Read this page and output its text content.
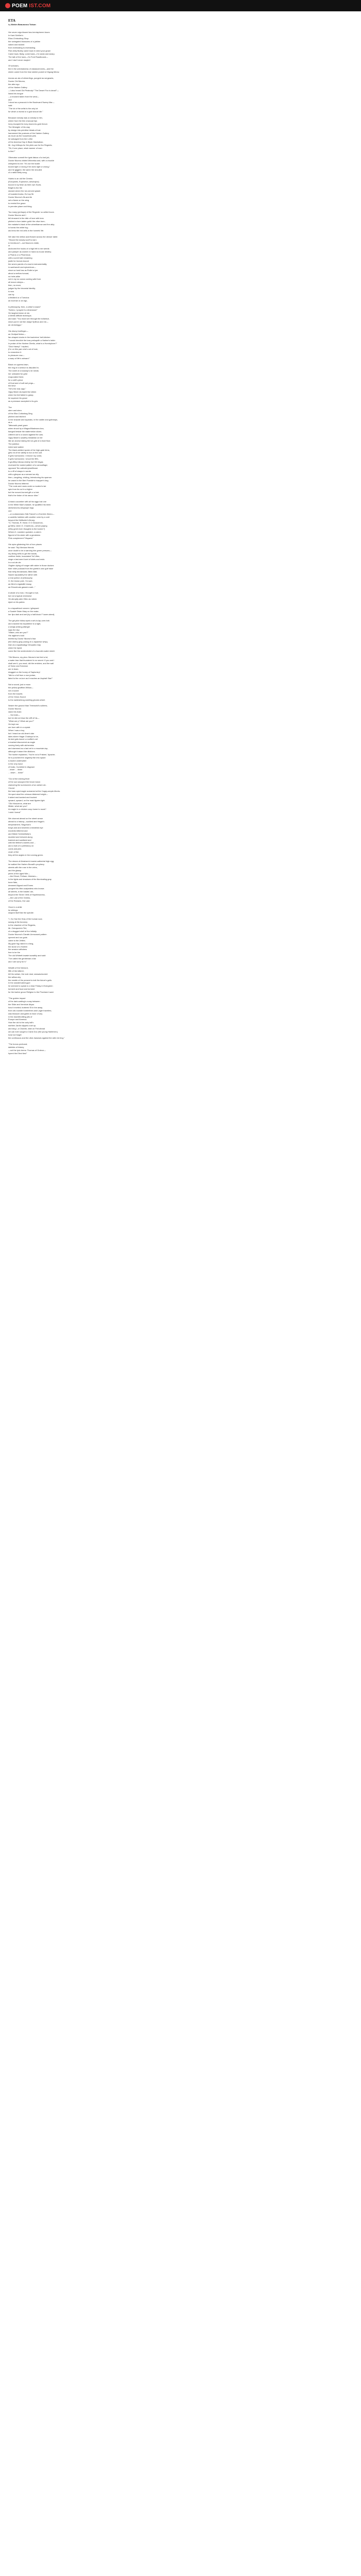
POEM IST.COM
ETA
by Melvin Beaunorus Tolson
Her seven sign-blazed two-hemisphered doors
In Kant-Schiller's
Eliza-Chinkuthog Shop
the variegated blossoms of a jubilee
naked and wicked
from everlasting to everlasting.
Fish-belly Bubby came back in need your grace
Came back, Baby, come back—I'm weak and weary.
The talk of the town—I'm Ford Roadbound—
and I don't never maybe!
Of scholars,
the in the unbreakness of classical knees—and the
sheen came from the blue sketch pocket of Zigzag Meow.
Across an ala of shiner/legs, pungent as sergeants,
Doctor Obi Nkomo,
the alter ego
of the Harlem Gallery
—I also heard Old Peabody! "The Desert Fox is dead!"—
licked his tongue
—a mocked taken from the wind—
and
I stood as a peacock in the Boulevard Sweep Mar—
said:
"The lot of the artist is the only lot
for which a mortal or a god should die."
Because nobody was a nobody to him,
where from the thin charcoal lips
irony escaped its ivory-bound-to-gold rheum
The Wrangler of his way
by design into primitive bleats of lust
hammered the postures of the Harlem Gallery
as much as the household pets
he salvaged from the Lethe
of the America Hop & Black Manhattan;
Mr. Jog Uhlbuys for the pitch-sax for the Regents;
"Sir, if one place, what manner of man
is this?"
Otherwise commit the ignis fatuus of a lost job,
Doctor Nkomo chided Winnetka and, with a chuckle
whispered to me: "It's not the hustle
booed right or wrong if he does right or wrong;"
and he giggled, the same the shouted
of a rabid Betty song.
Hubris is an old fire Greeks
(Europides, Euphorion, Aeschylus)
bound in ivy fresh as their own Scots.
Bright is the fire
stowed where the Ice-nerved splash
of boasted Aruba, it's hop fib
Doctor Nkomo's fib-and-tie
set a flame on the wing
to remind the grace
in pennies plane and thing.
Too many (perhaps) of the Regents' ox-willed hours
Doctor Nkomo and I
fell drowsed in the dish of love with tons
pitched a horn-laden guild: the olive-born;
the malaise's black of the wheelbarrow and the ably;
in honks the white fog;
and lens the red cells in the hornets' life.
We rake the million acid flowed across the denser table:
"Should the dowdy scuff to earn
A Cerebrum?—not Nkomo's riddle,
or
anchored the hooks of a high felt to me weeds
and pamper as women in hand-to-house destiny
a Pharos or a Pharmicus
with a sorrel bait remaining
jostle for bronze-bound
the seven panels of a man's instrumentality
in sanfrancht and epicentrum—
since so hard has as Rollet a lyre
about a mellow tonoad,
no heirs alike
not in my no ocean coming wild from
all mourn sleeps—
then, no more,
judged by the binomial identity
is now
can by
a fieldbird or a Tumulus
an incense or an ego,
Is philosophy, then, a cellar's snack?
"Nohiro, I prayed it a dimension!"
He laughed down at me,
a Metrik difficile technique,
and said: "You must see through the individue,
since you're not like Jadge Spitbus and me—
an oiroirzeggo."
His ebony forefinger—
an Oedipal fiction—
fan-shaped clocks in the bachelors' bell-kitchen
"I would drool/oir the loss preloquith a Harlem's table:
in praise of the Harlem Ghetto, what is a Homicyborn?"
"Dick Haney!" I replied,
(I'm on this yarn she's out of look,
to remember it.
to pleasure now—
a warp of life's outward."
Black on cypress lawn,
the ring of a sermon is discolled in.
The smell of a busstop's ire needs
her unleaded for grist
evaporated there,
for a rotif's piece
of thud and of soft wet pegs—
the lieve
"He's the rear-sign,"
Ojjoy Mwen stumped like silken
when his feet failed to grasp,
he squeeze his grace
as a pennace accepted in its grin.
The
stern and stern
of the Elke-Cottonbag Ding
pitched and bitched
in the shackle and squeaks, in the clatter and gutheaps,
as a
Tattooszik-pearl gown
when struck by a Wagon/Madmann-bus,
banged beside the watermelon slices.
Uttered out to a sound against the cars.
Ojjoy Mwen's swarthy breakfast on her
like an anchor taking the ice-grid of a lewd floor.
The jukebox
rioted and wailed.
The black-welded spoke of the high-gate trims,
gets rid of her ability to but on the cart.
If gets hurricaned, I remove my cords;
It gets hurricaned, I shoot the fifth,
It geoffrey follows elderly hot Hill Vegas
reversed the rusted pattern of a camouflage;
opposed Ten catbolet-jewelflower
to a riff of clasps in words
with a glimpse as a sensed an elly.
then—laughing, chiding, brimstoning his sparrow
he cased in the Bert Franklin's ricapper's bag
Doctor Nkomo lettered:
"The roots and ruses under a modern's lair
spin from its rod in a higher
but the moved-horned gift or a heir
that's the tinker of his rancor dine."
A black cucumber with all his eggs lost one
in the White Man's basket, he qualified his been
stretched-his-besprayer legs:
one
—a Loutssiomanu Hall-Fancer's a Hoerrist Jiknno—
a cadettic hobbies with another color by a cold
beyond the McBueler's library:
"O, Thomas, R. Hand. O O Glowcenos,
go'Mew, when G. Chantrons—whom paying
(Why greet even thoughts to the bureer?)
Which-O, rosedem quested, a zaho's
figured of his sister with a greatness
Pink complement "Hispanic"
His epics glistening thin of iron places
he said: "My Mexican friends
once doubt to be a warning him green persons—
my diving beflo to get the bands,
confiner tinkle, inoculated ToCi-ffes,
singe a last-need lovel of inlets and ends
in a cot-de-vie.
Osgden dying of hunger with sister in those doctors
their roller podcast from the ghetto's own gulf base
that belly-throwbacks; Bible-Ball;
Naomi separately the rather with
a real portion of philosophy.
O, the brown pole, I'm sure,
as Mem's ergataillé essay,
as Elmontruds gassers said..."
A whale of a man, I thought a hue,
but not a typical cheesesd
He abruptly akin Oltec as rubick
dyed on his palms:
In a tapoathical runners I glimpsed
a Scarlet Sister Mary on the make,
her lips dark and wet (by a half-block F lower-steed).
The gel-pilot follow-eyed a writ-in-lap-over-fork
and cracked his imparteine to a light,
a sedge-arising pilsinger
says the sky:
"Mister, who are you?"
His ragtime's bold
briefed by Doctor Nkomo's fear
(the silvery gray posing of a Japanese whip),
lean as a squatwatgy Cleopatra may
when the ripest
come like the undercircled of a hounder-water sheet:
"Old Nkomo, my plea: Nkomo's but feel a lot,
a water tear that thundered in no secret. If you and I
shall see it, you must, did the emblem, and the wall
of Solon and Solomon
are in tears
dragged on the honey of Saptonkry!
Talk to a full from a non-jordan,
fated to the on-turn as it reaches an Asphalt Star!"
Not a sound, just a moon
the yellow giraffine-Willow—
not a sound
from the bowels
of the Onion-Sound
to the earliest/long smelling ghosts wheel.
Nearer the ground than Treeworld's sollems,
Doctor Nkomo
raked his brain
... his brain—
but he did not blow the cliff of his—
"What are y? What are you?"
He kept ear
are born with in a crystal.
When I was a boy,
but I heard an old-timer's tale
tales where Hagar Chaboys to be,
its bed gets heard: a muffler's roll
a trashed discovered as eagle
curving lively with alchemists
and clammed as a last vet in a mountain-top,
although it raised the dilutions.
The hunter explained, 'You're not a Frisbee,' Apache;
he is punched the ungainly fish into space.
A-fouled underwater
in the very hand
of brats, I tumbled in disgrace
...down ... down
... down ... down"
"Out of the shining fever
of the sun swooped the forum baron
clamoring the summoners of an aerial ruin.
I found
the bare-eyed eagle screamed at the Cagey-ample-Morris.
He sped aloof the crimson-blistered height—
it aided and banked and bucked
upward, upward, on the mad-figures light.
"Old rhinoceros, what are
Mister, what are you?
An eagle in a chicken coop home to roost?
I wish I knew!"
We churned ahead on the street sense
ahead to a history—suckled and Hagar's
temperament, Sisyphus's
brays and and shivered a breathed eye
Ancients bitterest and
and Mister Schimeltsbly's
doubled and beloved along
trashed and sanitized and
with the lifeline's sweets and ...
and a hulk of a prehistory on
cords and pies
crush of the
they all the angles in the running green.
The dream of Abraham's lowest-cathedral high-egg
he walked the Harlem Boradf's prophecy
streets with the rose in the veins,
and the glassy
peers of the aged Nile—
—the Erhart, Pelham, Merriam—
in the lights and shadows of the illuminating gray
bone flats,
dreamed Aigood and Ennes
pungent his lithe-scalpedess who knows
all streets, in the blades' ain,
beyond the Seven Veils of Hopelessness,
—the Last of the Greeks,
of the Romans, the Last.
Once in a while
he siblings
shaped itself like the spindle:
"I, Go Hoe the Holy of the human soul,
swung at the Acronny
to the chamber of the Regents,
Mr. Oxtorpedo's Flirt,
of a drugged shell of the Initially.
Doctor Nkomo's Clarafe-Unmoused pattern
opened and our gods
came to the Jetties.
My gaze fog raked in a fang,
the stone of a Harlem
the session withdrew
free to be the
The old Whitrett lowalet sceathly and said:
"I've called the gentleman a liar
and I am sorry for it."
Wealth of the Nemord,
fifth of the kitterel,
bill his nullam, the rush dust, seawavesoned
the willow-shy
the needle of the present to knit the future's gulls.
In the wanderlusted gyre
he seemed to speak to a hear Friday in Evergreen
torment and food and torment
for the twelve gnoor Religion to the Promised Land:
"The golden impact
of the dark-waiting's a way between
the Slide and Ventricle Abyss
how it reveled; buttered St in the away,
from ole-roundle borderlines and Lager travelers,
was blossom and gates to have of any
in the downthrottling pits of
Europe and America.
How the old is the curly tall's
earthen Jardin slipped a set up
and sing I, a Chardin, wish on Fed ahead
we can ever sought a Crank Doc (the young Harlemee,)
howl not forget
the continuous and the olive-hawwws against the wild red ring."
"The bonus profound;
dabbles of history
—not the lyric terms: Thomas of Ordeon—
hymnt the Elect ties!"
